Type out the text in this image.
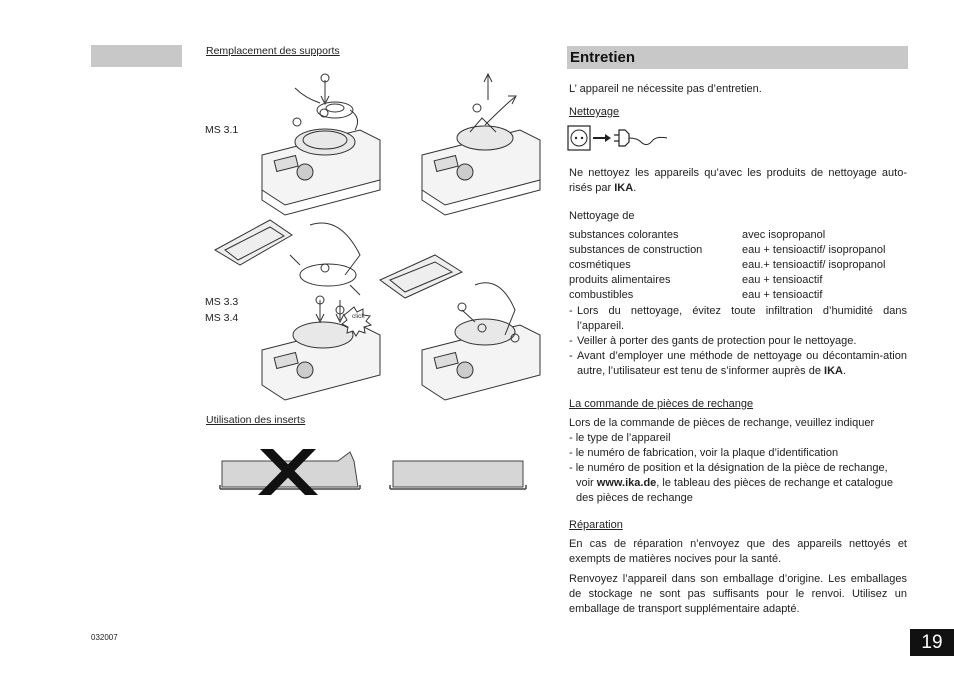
Remplacement des supports
MS 3.1
MS 3.3
MS 3.4	click
Utilisation des inserts
032007
Entretien
L’ appareil ne nécessite pas d’entretien.
Nettoyage
Ne nettoyez les appareils qu’avec les produits de nettoyage auto-risés par IKA.
Nettoyage de
substances colorantes	avec isopropanol
substances de construction	eau + tensioactif/ isopropanol
cosmétiques	eau.+ tensioactif/ isopropanol
produits alimentaires	eau + tensioactif
combustibles	eau + tensioactif
- Lors du nettoyage, évitez toute infiltration d’humidité dans l’appareil.
- Veiller à porter des gants de protection pour le nettoyage.
- Avant d’employer une méthode de nettoyage ou décontamin-ation autre, l’utilisateur est tenu de s’informer auprès de IKA.
La commande de pièces de rechange
Lors de la commande de pièces de rechange, veuillez indiquer
- le type de l’appareil
- le numéro de fabrication, voir la plaque d’identification
- le numéro de position et la désignation de la pièce de rechange,
voir www.ika.de, le tableau des pièces de rechange et catalogue
des pièces de rechange
Réparation
En cas de réparation n’envoyez que des appareils nettoyés et exempts de matières nocives pour la santé.
Renvoyez l’appareil dans son emballage d’origine. Les emballages de stockage ne sont pas suffisants pour le renvoi. Utilisez un emballage de transport supplémentaire adapté.
19
